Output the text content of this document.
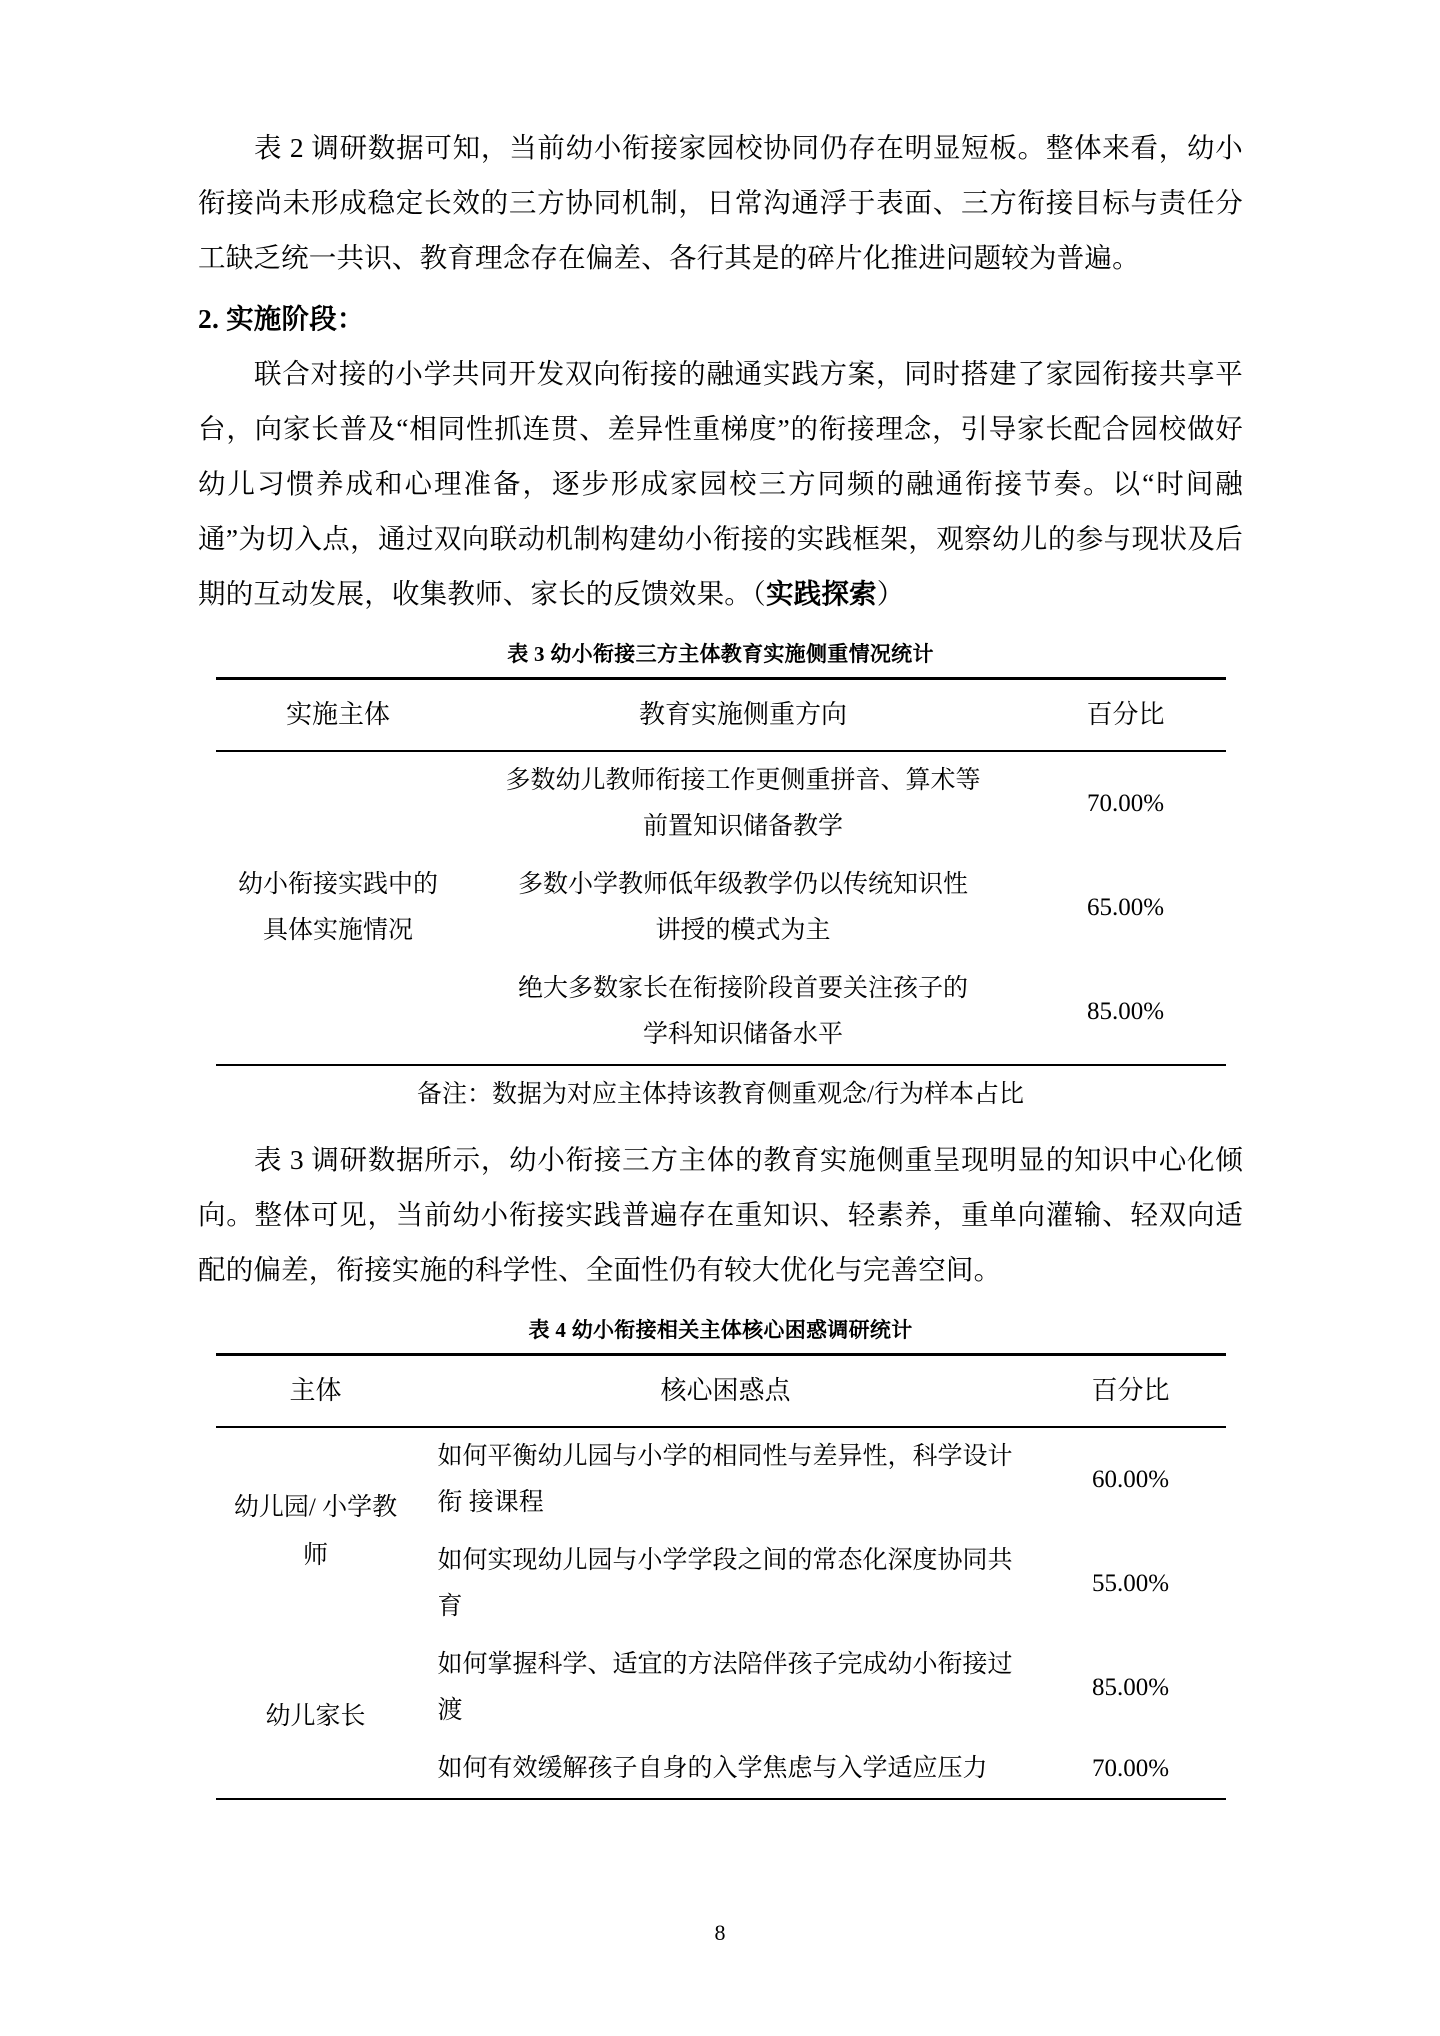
表 2 调研数据可知，当前幼小衔接家园校协同仍存在明显短板。整体来看，幼小衔接尚未形成稳定长效的三方协同机制，日常沟通浮于表面、三方衔接目标与责任分工缺乏统一共识、教育理念存在偏差、各行其是的碎片化推进问题较为普遍。

2. 实施阶段：

联合对接的小学共同开发双向衔接的融通实践方案，同时搭建了家园衔接共享平台，向家长普及“相同性抓连贯、差异性重梯度”的衔接理念，引导家长配合园校做好幼儿习惯养成和心理准备，逐步形成家园校三方同频的融通衔接节奏。以“时间融通”为切入点，通过双向联动机制构建幼小衔接的实践框架，观察幼儿的参与现状及后期的互动发展，收集教师、家长的反馈效果。（实践探索）

表 3 幼小衔接三方主体教育实施侧重情况统计
实施主体	教育实施侧重方向	百分比
幼小衔接实践中的 具体实施情况	多数幼儿教师衔接工作更侧重拼音、算术等
前置知识储备教学	70.00%

	多数小学教师低年级教学仍以传统知识性
讲授的模式为主	65.00%

	绝大多数家长在衔接阶段首要关注孩子的
学科知识储备水平	85.00%
备注：数据为对应主体持该教育侧重观念/行为样本占比		

表 3 调研数据所示，幼小衔接三方主体的教育实施侧重呈现明显的知识中心化倾向。整体可见，当前幼小衔接实践普遍存在重知识、轻素养，重单向灌输、轻双向适配的偏差，衔接实施的科学性、全面性仍有较大优化与完善空间。

表 4 幼小衔接相关主体核心困惑调研统计
主体	核心困惑点	百分比
幼儿园/ 小学教师	如何平衡幼儿园与小学的相同性与差异性，科学设计衔 接课程	60.00%
	如何实现幼儿园与小学学段之间的常态化深度协同共育	55.00%
幼儿家长	如何掌握科学、适宜的方法陪伴孩子完成幼小衔接过渡	85.00%
	如何有效缓解孩子自身的入学焦虑与入学适应压力	70.00%
8
